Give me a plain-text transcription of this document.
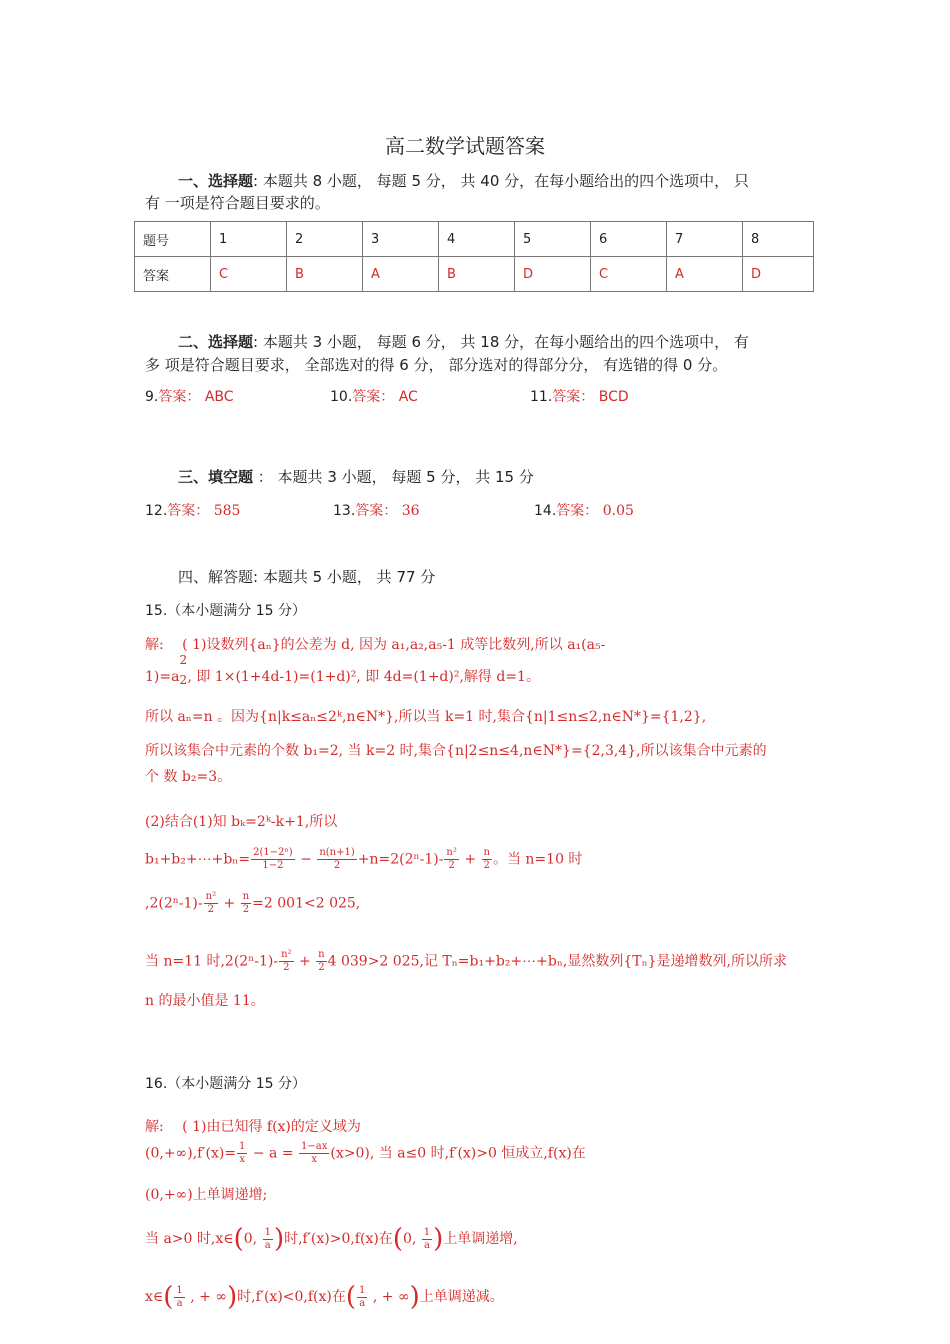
高二数学试题答案
一、选择题: 本题共 8 小题， 每题 5 分， 共 40 分，在每小题给出的四个选项中， 只
有 一项是符合题目要求的。
题号	1	2	3	4	5	6	7	8
答案	C	B	A	B	D	C	A	D
二、选择题: 本题共 3 小题， 每题 6 分， 共 18 分，在每小题给出的四个选项中， 有
多 项是符合题目要求， 全部选对的得 6 分， 部分选对的得部分分， 有选错的得 0 分。
9.答案： ABC	10.答案： AC	11.答案： BCD
三、填空题 ： 本题共 3 小题， 每题 5 分， 共 15 分
12.答案： 585	13.答案： 36	14.答案： 0.05
四、解答题: 本题共 5 小题， 共 77 分
15.（本小题满分 15 分）
解:　 ( 1)设数列{aₙ}的公差为 d, 因为 a₁,a₂,a₅-1 成等比数列,所以 a₁(a₅-
1)=a
2
2 , 即 1×(1+4d-1)=(1+d)², 即 4d=(1+d)²,解得 d=1。
所以 aₙ=n 。因为{n|k≤aₙ≤2ᵏ,n∈N*},所以当 k=1 时,集合{n|1≤n≤2,n∈N*}={1,2},
所以该集合中元素的个数 b₁=2, 当 k=2 时,集合{n|2≤n≤4,n∈N*}={2,3,4},所以该集合中元素的
个 数 b₂=3。
(2)结合(1)知 bₖ=2ᵏ-k+1,所以
b₁+b₂+⋯+bₙ= $\frac{\text{2(1−2ⁿ)}}{1-2} - \frac{n(n+1)}{2} +n=2(2^n-1)- \frac{\text{n²}}{2} + \frac{n}{2}$ 。当 n=10 时
$,2(2^n-1)- \frac{\text{n²}}{2} + \frac{n}{2} =2$ 001<2 025,
当 n=11 时$,2(2^n-1)- \frac{\text{n²}}{2} + \frac{n}{2} 4$ 039>2 025,记 Tₙ=b₁+b₂+⋯+bₙ,显然数列{Tₙ}是递增数列,所以所求
n 的最小值是 11。
16.（本小题满分 15 分）
解:　 ( 1)由已知得 f(x)的定义域为
$(0,+\infty),f'(x)= \frac{1}{x} - a = \frac{1-ax}{x} (x>0)$, 当 a≤0 时,f′(x)>0 恒成立,f(x)在
(0,+∞)上单调递增;
当 a>0 时,x∈(0, $\frac{1}{a}$ )时,f′(x)>0,f(x)在(0, $\frac{1}{a}$ )上单调递增,
x∈( $\frac{1}{a}$ , + ∞)时,f′(x)<0,f(x)在( $\frac{1}{a}$ , + ∞)上单调递减。
